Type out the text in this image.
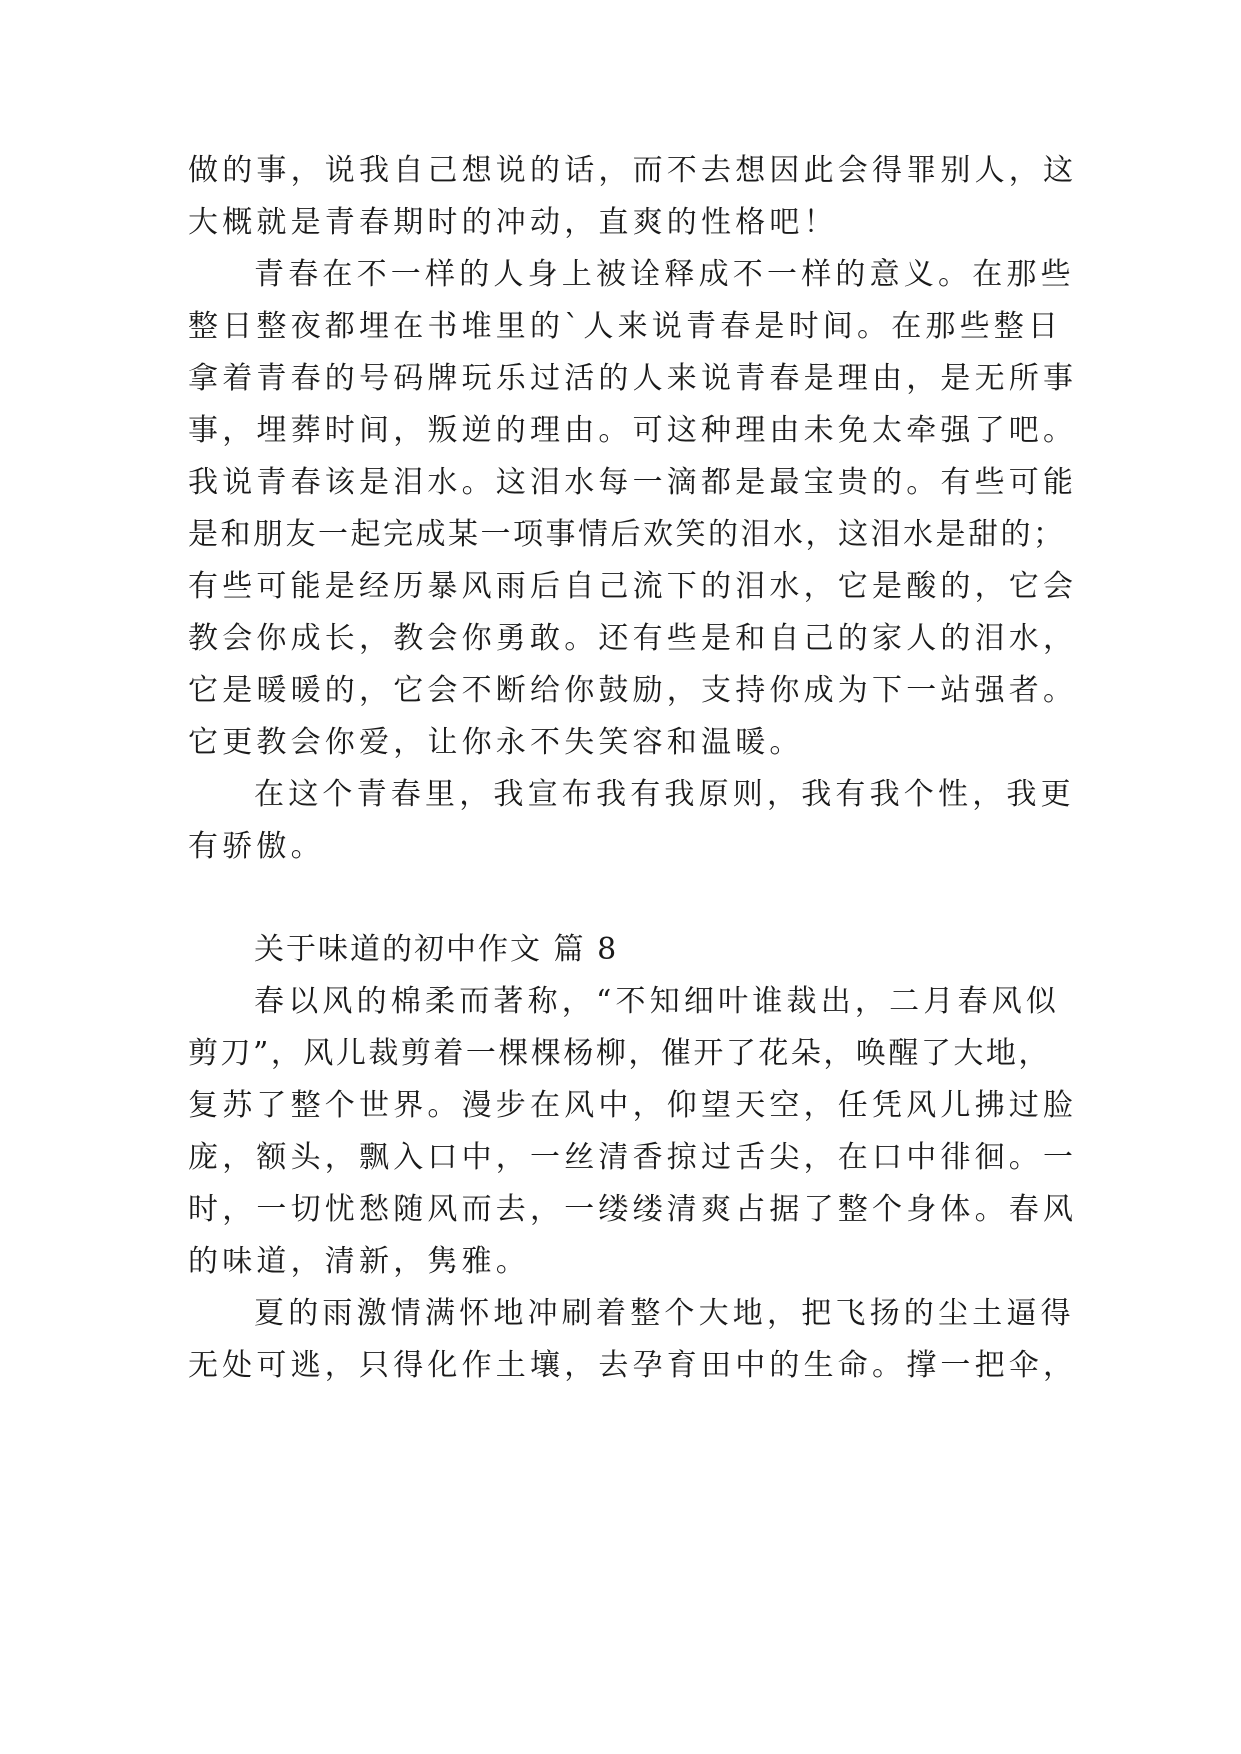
做的事，说我自己想说的话，而不去想因此会得罪别人，这

大概就是青春期时的冲动，直爽的性格吧！

青春在不一样的人身上被诠释成不一样的意义。在那些

整日整夜都埋在书堆里的`人来说青春是时间。在那些整日

拿着青春的号码牌玩乐过活的人来说青春是理由，是无所事

事，埋葬时间，叛逆的理由。可这种理由未免太牵强了吧。

我说青春该是泪水。这泪水每一滴都是最宝贵的。有些可能

是和朋友一起完成某一项事情后欢笑的泪水，这泪水是甜的；

有些可能是经历暴风雨后自己流下的泪水，它是酸的，它会

教会你成长，教会你勇敢。还有些是和自己的家人的泪水，

它是暖暖的，它会不断给你鼓励，支持你成为下一站强者。

它更教会你爱，让你永不失笑容和温暖。

在这个青春里，我宣布我有我原则，我有我个性，我更

有骄傲。

关于味道的初中作文 篇 8

春以风的棉柔而著称，“不知细叶谁裁出，二月春风似

剪刀”，风儿裁剪着一棵棵杨柳，催开了花朵，唤醒了大地，

复苏了整个世界。漫步在风中，仰望天空，任凭风儿拂过脸

庞，额头，飘入口中，一丝清香掠过舌尖，在口中徘徊。一

时，一切忧愁随风而去，一缕缕清爽占据了整个身体。春风

的味道，清新，隽雅。

夏的雨激情满怀地冲刷着整个大地，把飞扬的尘土逼得

无处可逃，只得化作土壤，去孕育田中的生命。撑一把伞，
